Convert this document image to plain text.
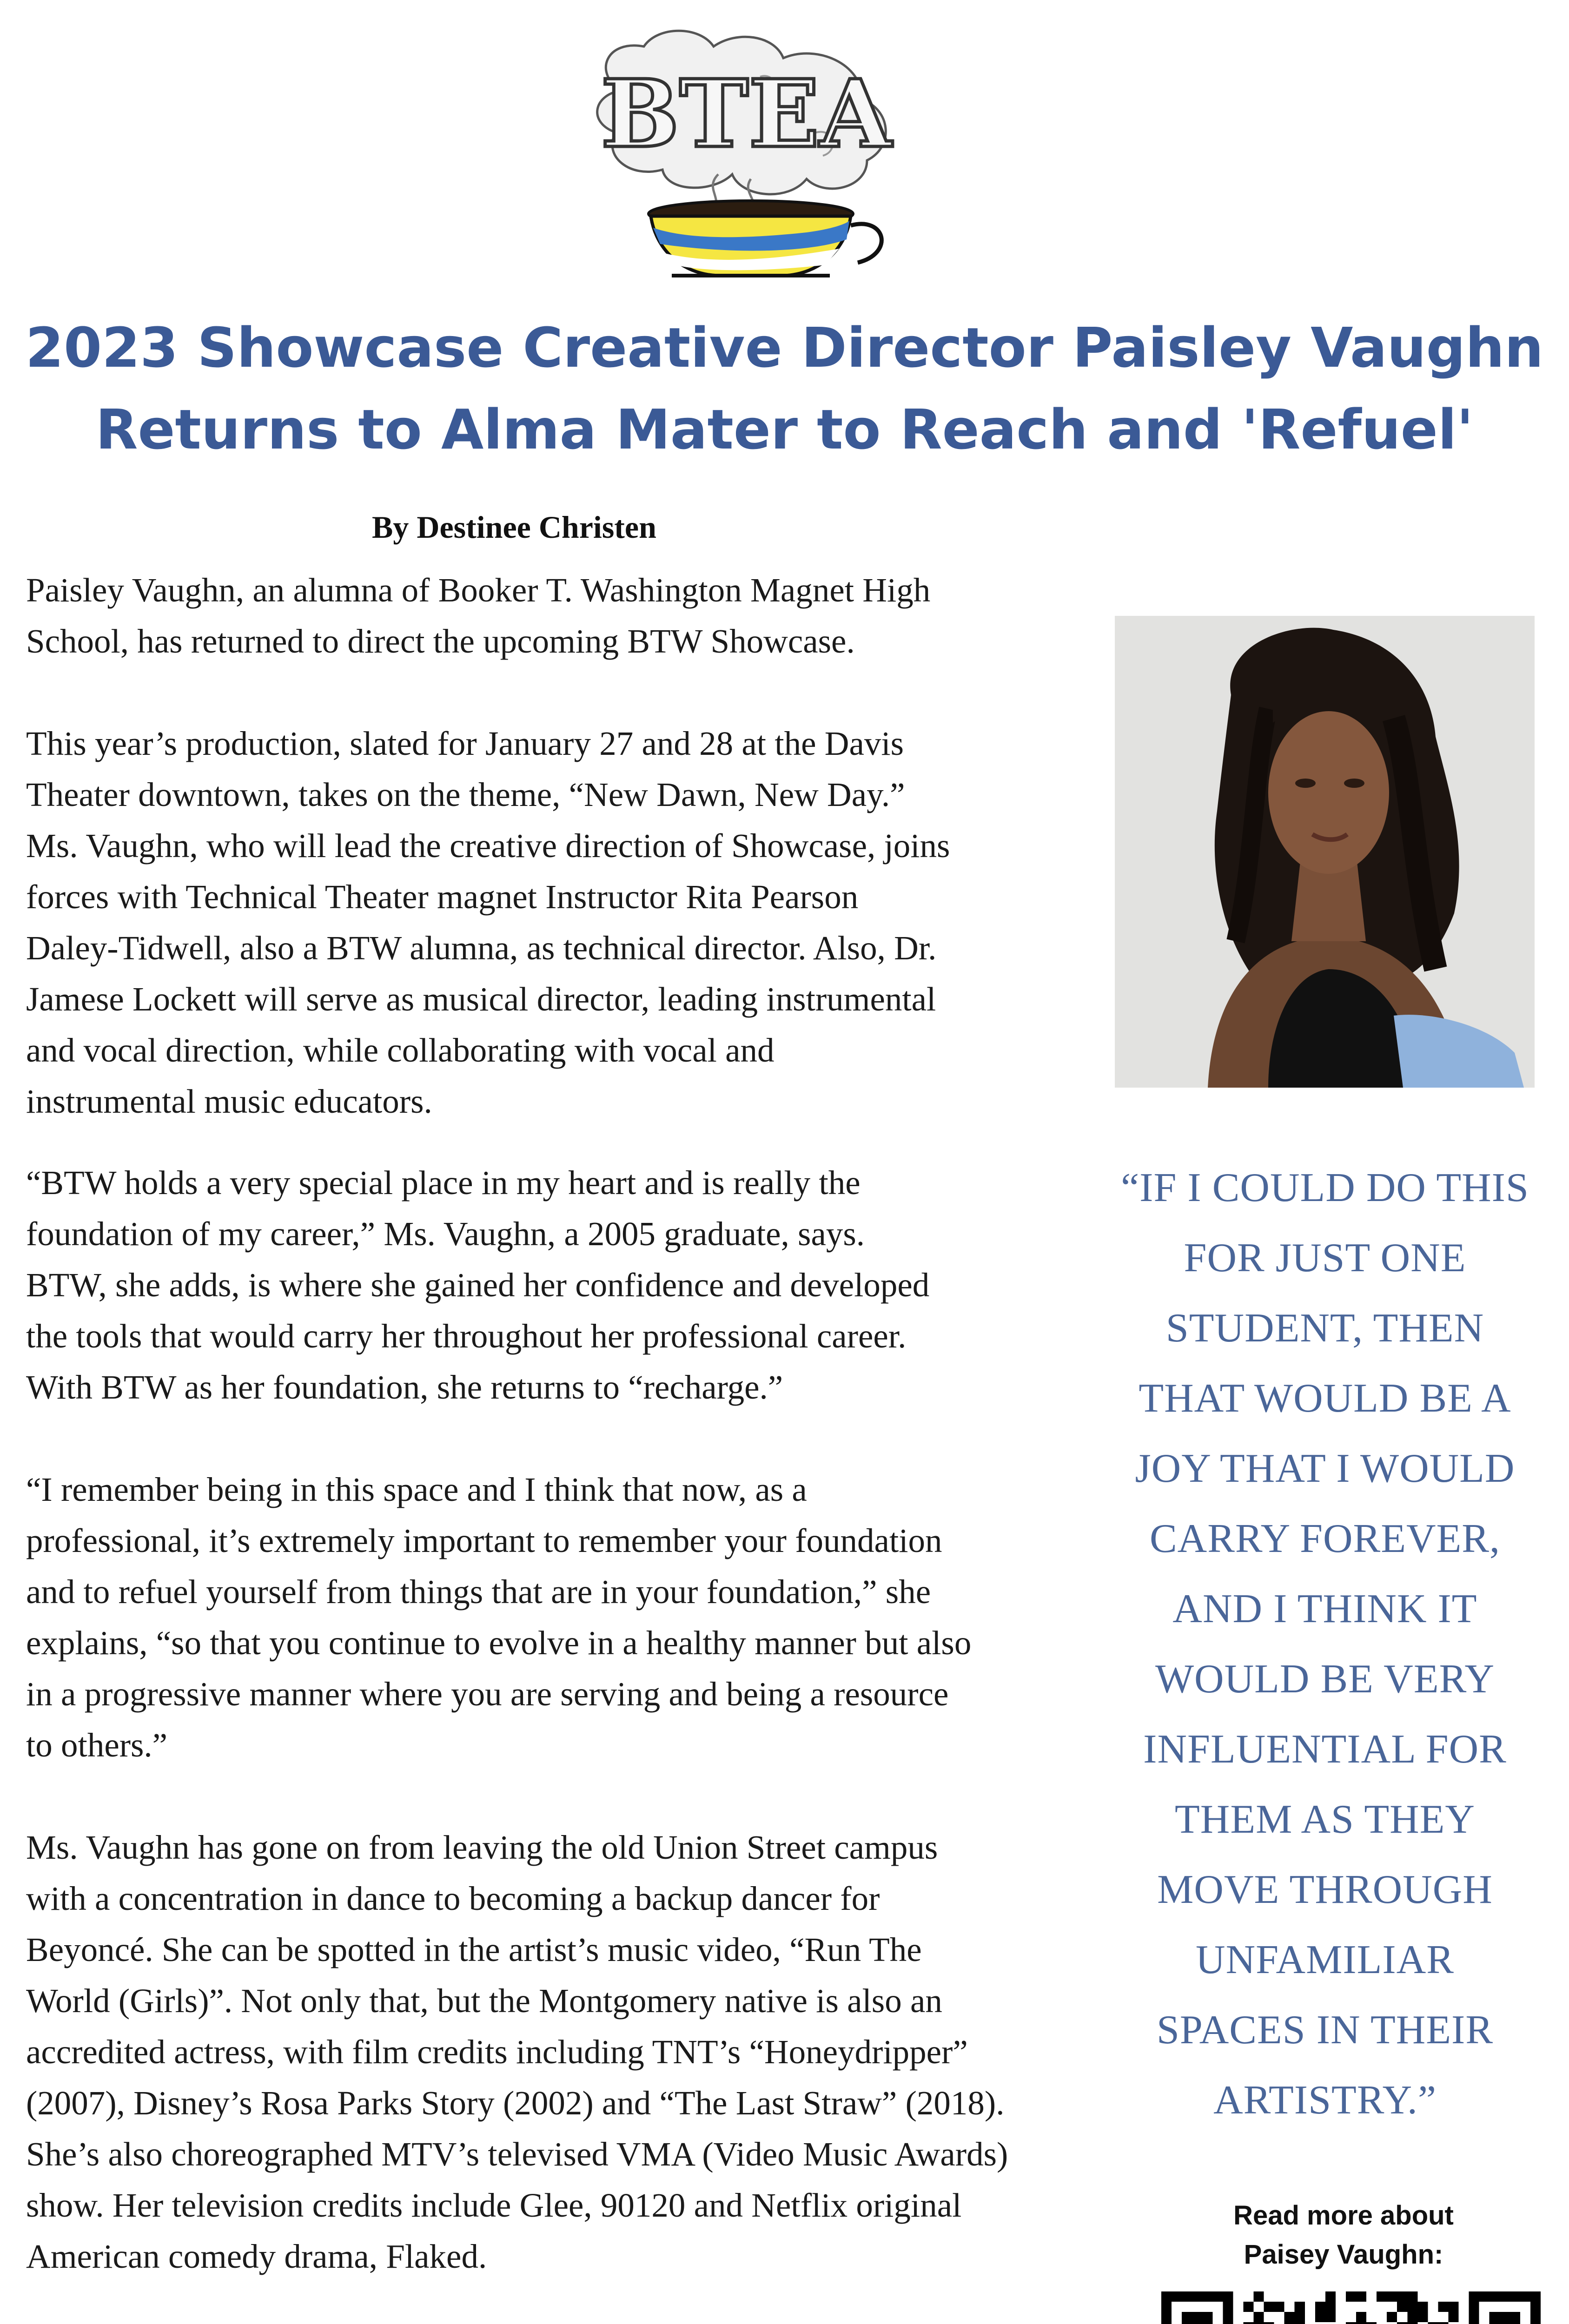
BTEA
2023 Showcase Creative Director Paisley Vaughn
Returns to Alma Mater to Reach and 'Refuel'
By Destinee Christen

Paisley Vaughn, an alumna of Booker T. Washington Magnet High

School, has returned to direct the upcoming BTW Showcase.

This year’s production, slated for January 27 and 28 at the Davis

Theater downtown, takes on the theme, “New Dawn, New Day.”

Ms. Vaughn, who will lead the creative direction of Showcase, joins

forces with Technical Theater magnet Instructor Rita Pearson

Daley-Tidwell, also a BTW alumna, as technical director. Also, Dr.

Jamese Lockett will serve as musical director, leading instrumental

and vocal direction, while collaborating with vocal and

instrumental music educators.

“BTW holds a very special place in my heart and is really the

foundation of my career,” Ms. Vaughn, a 2005 graduate, says.

BTW, she adds, is where she gained her confidence and developed

the tools that would carry her throughout her professional career.

With BTW as her foundation, she returns to “recharge.”

“I remember being in this space and I think that now, as a

professional, it’s extremely important to remember your foundation

and to refuel yourself from things that are in your foundation,” she

explains, “so that you continue to evolve in a healthy manner but also

in a progressive manner where you are serving and being a resource

to others.”

Ms. Vaughn has gone on from leaving the old Union Street campus

with a concentration in dance to becoming a backup dancer for

Beyoncé. She can be spotted in the artist’s music video, “Run The

World (Girls)”. Not only that, but the Montgomery native is also an

accredited actress, with film credits including TNT’s “Honeydripper”

(2007), Disney’s Rosa Parks Story (2002) and “The Last Straw” (2018).

She’s also choreographed MTV’s televised VMA (Video Music Awards)

show. Her television credits include Glee, 90120 and Netflix original

American comedy drama, Flaked.

“IF I COULD DO THIS
FOR JUST ONE
STUDENT, THEN
THAT WOULD BE A
JOY THAT I WOULD
CARRY FOREVER,
AND I THINK IT
WOULD BE VERY
INFLUENTIAL FOR
THEM AS THEY
MOVE THROUGH
UNFAMILIAR
SPACES IN THEIR
ARTISTRY.”
Read more about
Paisey Vaughn:
